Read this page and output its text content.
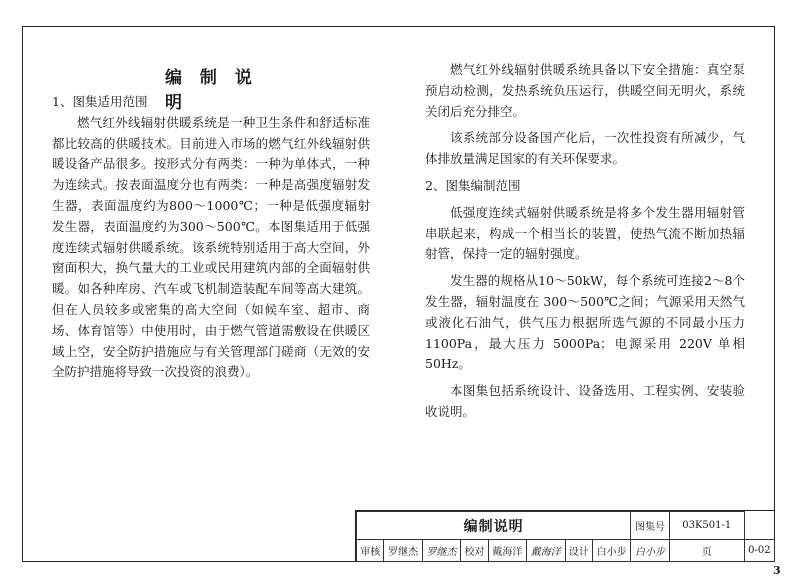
编 制 说 明

1、图集适用范围

燃气红外线辐射供暖系统是一种卫生条件和舒适标准都比较高的供暖技术。目前进入市场的燃气红外线辐射供暖设备产品很多。按形式分有两类：一种为单体式，一种为连续式。按表面温度分也有两类：一种是高强度辐射发生器，表面温度约为800～1000℃；一种是低强度辐射发生器，表面温度约为300～500℃。本图集适用于低强度连续式辐射供暖系统。该系统特别适用于高大空间，外窗面积大，换气量大的工业或民用建筑内部的全面辐射供暖。如各种库房、汽车或飞机制造装配车间等高大建筑。但在人员较多或密集的高大空间（如候车室、超市、商场、体育馆等）中使用时，由于燃气管道需敷设在供暖区域上空，安全防护措施应与有关管理部门磋商（无效的安全防护措施将导致一次投资的浪费）。

燃气红外线辐射供暖系统具备以下安全措施：真空泵预启动检测，发热系统负压运行，供暖空间无明火，系统关闭后充分排空。

该系统部分设备国产化后，一次性投资有所减少，气体排放量满足国家的有关环保要求。

2、图集编制范围

低强度连续式辐射供暖系统是将多个发生器用辐射管串联起来，构成一个相当长的装置，使热气流不断加热辐射管，保持一定的辐射强度。

发生器的规格从10～50kW，每个系统可连接2～8个发生器，辐射温度在 300～500℃之间；气源采用天然气或液化石油气，供气压力根据所选气源的不同最小压力 1100Pa，最大压力 5000Pa；电源采用 220V 单相 50Hz。

本图集包括系统设计、设备选用、工程实例、安装验收说明。

编制说明								图集号	03K501-1	
审核	罗继杰	罗继杰	校对	戴海洋	戴海洋	设计	白小步	白小步	页	0-02
3
